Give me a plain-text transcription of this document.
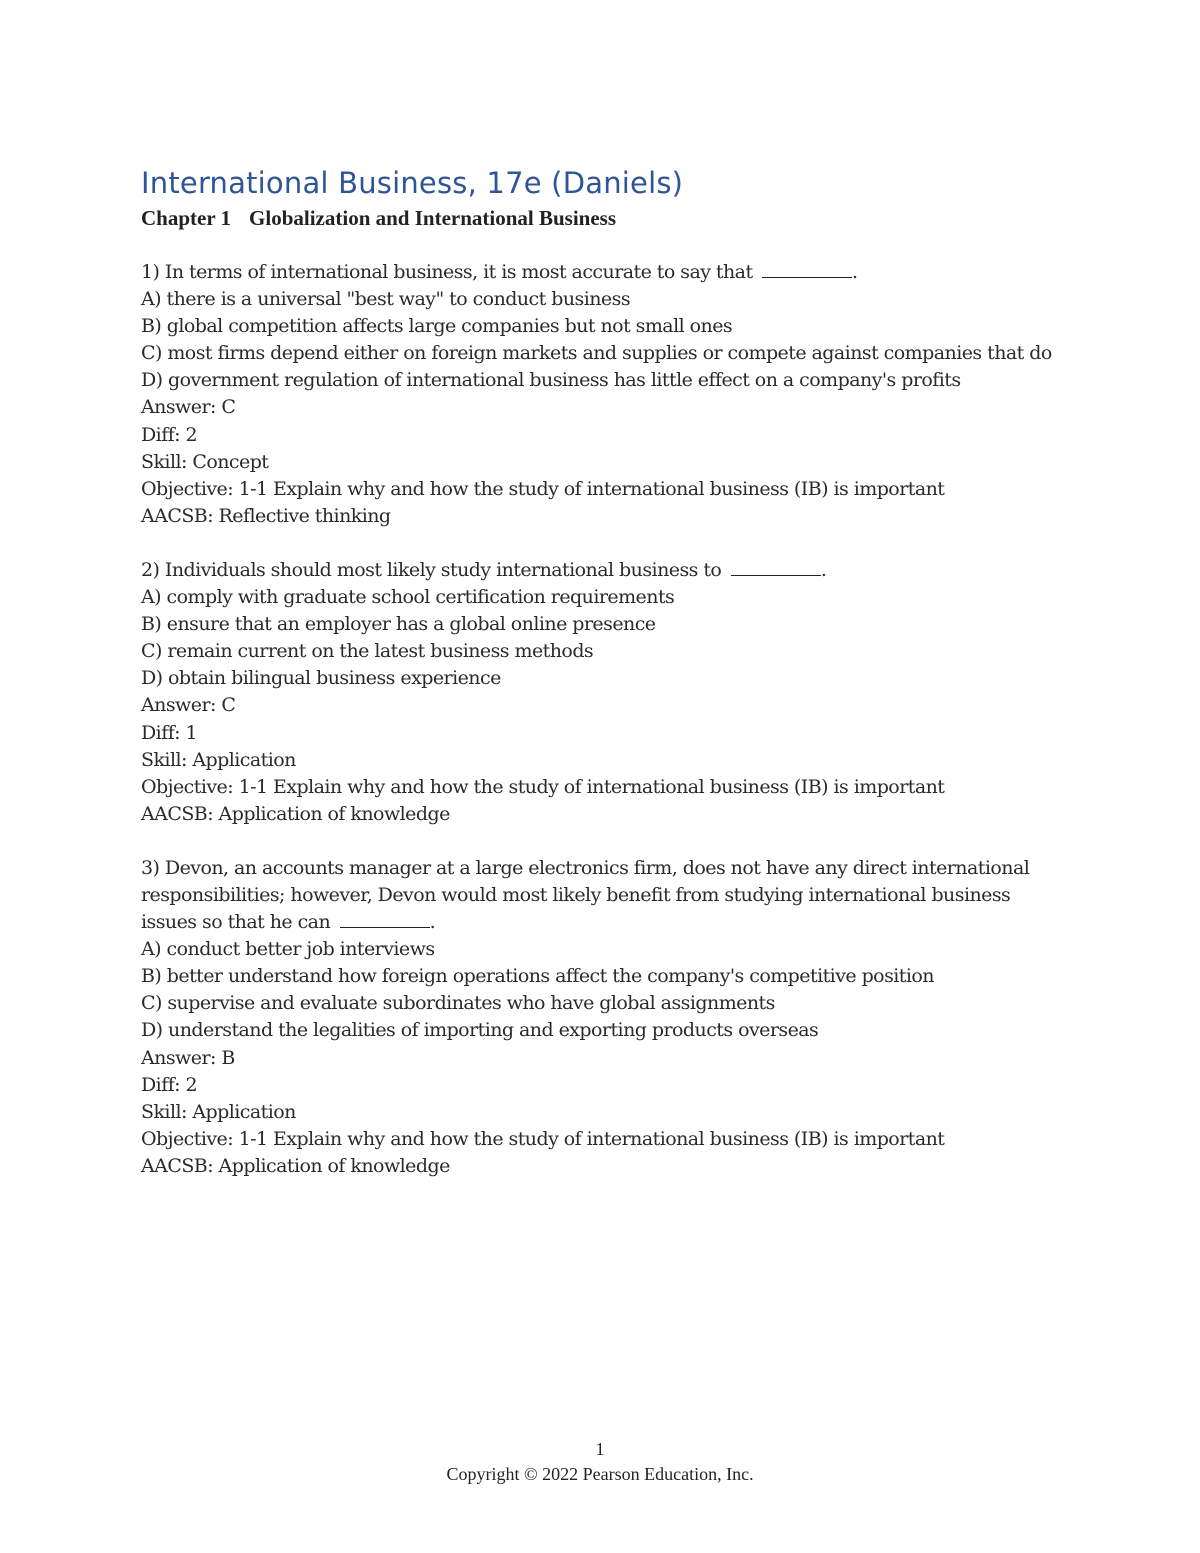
International Business, 17e (Daniels)
Chapter 1 Globalization and International Business
1) In terms of international business, it is most accurate to say that	.
A) there is a universal "best way" to conduct business
B) global competition affects large companies but not small ones
C) most firms depend either on foreign markets and supplies or compete against companies that do
D) government regulation of international business has little effect on a company's profits
Answer: C
Diff: 2
Skill: Concept
Objective: 1-1 Explain why and how the study of international business (IB) is important
AACSB: Reflective thinking
2) Individuals should most likely study international business to	.
A) comply with graduate school certification requirements
B) ensure that an employer has a global online presence
C) remain current on the latest business methods
D) obtain bilingual business experience
Answer: C
Diff: 1
Skill: Application
Objective: 1-1 Explain why and how the study of international business (IB) is important
AACSB: Application of knowledge
3) Devon, an accounts manager at a large electronics firm, does not have any direct international responsibilities; however, Devon would most likely benefit from studying international business issues so that he can	.
A) conduct better job interviews
B) better understand how foreign operations affect the company's competitive position
C) supervise and evaluate subordinates who have global assignments
D) understand the legalities of importing and exporting products overseas
Answer: B
Diff: 2
Skill: Application
Objective: 1-1 Explain why and how the study of international business (IB) is important
AACSB: Application of knowledge
1
Copyright © 2022 Pearson Education, Inc.
